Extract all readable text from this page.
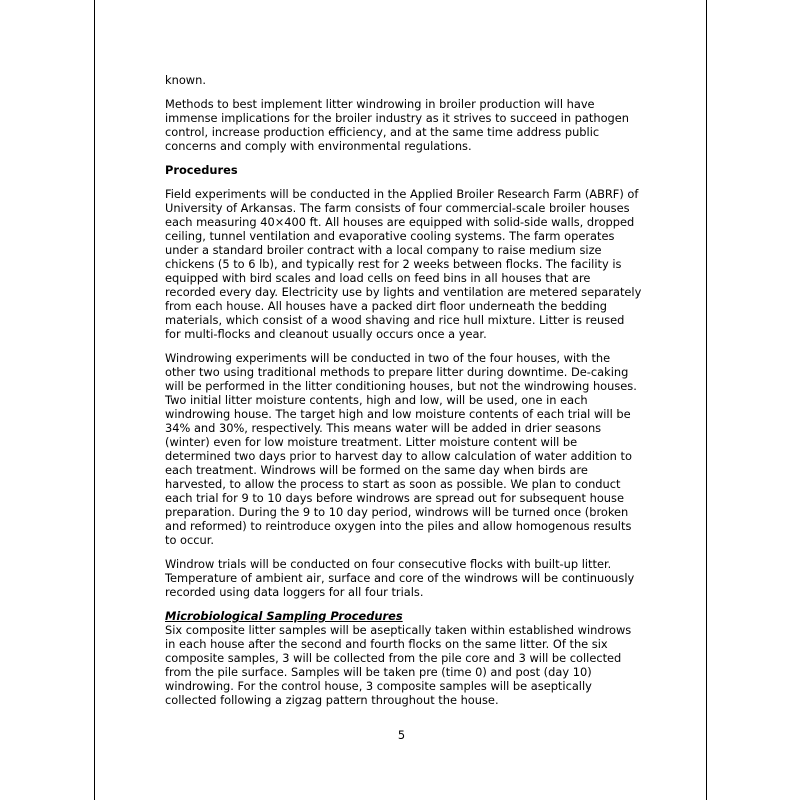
known.

Methods to best implement litter windrowing in broiler production will have immense implications for the broiler industry as it strives to succeed in pathogen control, increase production efficiency, and at the same time address public concerns and comply with environmental regulations.

Procedures

Field experiments will be conducted in the Applied Broiler Research Farm (ABRF) of University of Arkansas. The farm consists of four commercial-scale broiler houses each measuring 40×400 ft. All houses are equipped with solid-side walls, dropped ceiling, tunnel ventilation and evaporative cooling systems. The farm operates under a standard broiler contract with a local company to raise medium size chickens (5 to 6 lb), and typically rest for 2 weeks between flocks. The facility is equipped with bird scales and load cells on feed bins in all houses that are recorded every day. Electricity use by lights and ventilation are metered separately from each house. All houses have a packed dirt floor underneath the bedding materials, which consist of a wood shaving and rice hull mixture. Litter is reused for multi-flocks and cleanout usually occurs once a year.

Windrowing experiments will be conducted in two of the four houses, with the other two using traditional methods to prepare litter during downtime. De-caking will be performed in the litter conditioning houses, but not the windrowing houses. Two initial litter moisture contents, high and low, will be used, one in each windrowing house. The target high and low moisture contents of each trial will be 34% and 30%, respectively. This means water will be added in drier seasons (winter) even for low moisture treatment. Litter moisture content will be determined two days prior to harvest day to allow calculation of water addition to each treatment. Windrows will be formed on the same day when birds are harvested, to allow the process to start as soon as possible. We plan to conduct each trial for 9 to 10 days before windrows are spread out for subsequent house preparation. During the 9 to 10 day period, windrows will be turned once (broken and reformed) to reintroduce oxygen into the piles and allow homogenous results to occur.

Windrow trials will be conducted on four consecutive flocks with built-up litter. Temperature of ambient air, surface and core of the windrows will be continuously recorded using data loggers for all four trials.

Microbiological Sampling Procedures

Six composite litter samples will be aseptically taken within established windrows in each house after the second and fourth flocks on the same litter. Of the six composite samples, 3 will be collected from the pile core and 3 will be collected from the pile surface. Samples will be taken pre (time 0) and post (day 10) windrowing. For the control house, 3 composite samples will be aseptically collected following a zigzag pattern throughout the house.

5
